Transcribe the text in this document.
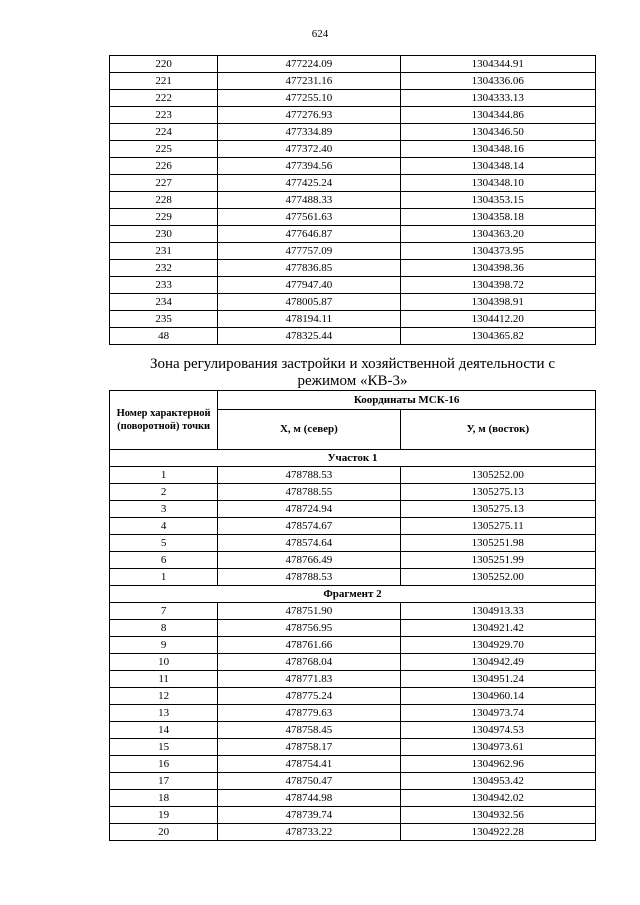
624
220	477224.09	1304344.91
221	477231.16	1304336.06
222	477255.10	1304333.13
223	477276.93	1304344.86
224	477334.89	1304346.50
225	477372.40	1304348.16
226	477394.56	1304348.14
227	477425.24	1304348.10
228	477488.33	1304353.15
229	477561.63	1304358.18
230	477646.87	1304363.20
231	477757.09	1304373.95
232	477836.85	1304398.36
233	477947.40	1304398.72
234	478005.87	1304398.91
235	478194.11	1304412.20
48	478325.44	1304365.82
Зона регулирования застройки и хозяйственной деятельности с
режимом «КВ-3»
Номер характерной (поворотной) точки	Координаты МСК-16	
	X, м (север)	У, м (восток)
Участок 1		
1	478788.53	1305252.00
2	478788.55	1305275.13
3	478724.94	1305275.13
4	478574.67	1305275.11
5	478574.64	1305251.98
6	478766.49	1305251.99
1	478788.53	1305252.00
Фрагмент 2		
7	478751.90	1304913.33
8	478756.95	1304921.42
9	478761.66	1304929.70
10	478768.04	1304942.49
11	478771.83	1304951.24
12	478775.24	1304960.14
13	478779.63	1304973.74
14	478758.45	1304974.53
15	478758.17	1304973.61
16	478754.41	1304962.96
17	478750.47	1304953.42
18	478744.98	1304942.02
19	478739.74	1304932.56
20	478733.22	1304922.28
